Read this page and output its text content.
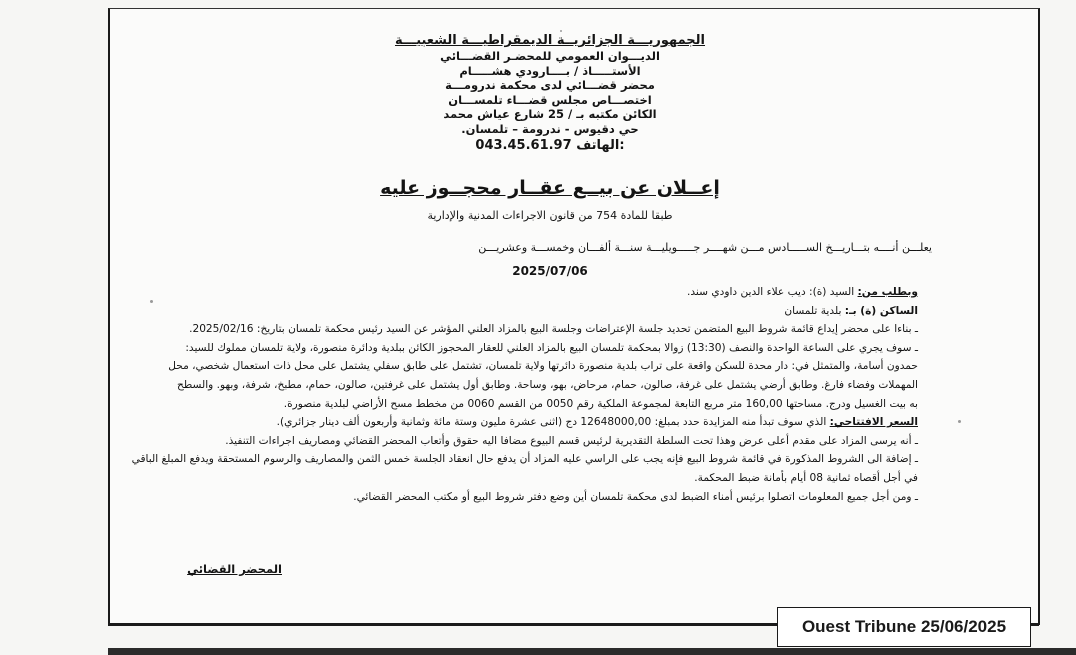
الجمهوريـــة الجزائريــة الديمقراطيـــة الشعبيـــة
الديـــوان العمومي للمحضـر القضـــائي
الأستـــــاذ / بــــارودي هشـــــام
محضر قضـــائي لدى محكمة ندرومـــة
اختصـــاص مجلس قضـــاء تلمســـان
الكائن مكتبه بـ / 25 شارع عياش محمد
حي دقيوس - ندرومة – تلمسان.
043.45.61.97 الهاتف:
إعــلان عن بيــع عقــار محجــوز عليه
طبقا للمادة 754 من قانون الاجراءات المدنية والإدارية
يعلـــن أنــــه بتـــاريـــخ الســـــادس مـــن شهــــر جـــــويليـــة سنـــة ألفـــان وخمســـة وعشريـــن
2025/07/06

وبطلب من: السيد (ة): ديب علاء الدين داودي سند.

الساكن (ة) بـ: بلدية تلمسان

ـ بناءا على محضر إيداع قائمة شروط البيع المتضمن تحديد جلسة الإعتراضات وجلسة البيع بالمزاد العلني المؤشر عن السيد رئيس محكمة تلمسان بتاريخ: 2025/02/16.

ـ سوف يجري على الساعة الواحدة والنصف (13:30) زوالا بمحكمة تلمسان البيع بالمزاد العلني للعقار المحجوز الكائن ببلدية ودائرة منصورة، ولاية تلمسان مملوك للسيد:

حمدون أسامة، والمتمثل في: دار محدة للسكن واقعة على تراب بلدية منصورة دائرتها ولاية تلمسان، تشتمل على طابق سفلي يشتمل على محل ذات استعمال شخصي، محل

المهملات وفضاء فارغ. وطابق أرضي يشتمل على غرفة، صالون، حمام، مرحاض، بهو، وساحة. وطابق أول يشتمل على غرفتين، صالون، حمام، مطبخ، شرفة، وبهو. والسطح

به بيت الغسيل ودرج. مساحتها 160,00 متر مربع التابعة لمجموعة الملكية رقم 0050 من القسم 0060 من مخطط مسح الأراضي لبلدية منصورة.

السعر الافتتاحي: الذي سوف تبدأ منه المزايدة حدد بمبلغ: 12648000,00 دج (اثنى عشرة مليون وستة مائة وثمانية وأربعون ألف دينار جزائري).

ـ أنه يرسى المزاد على مقدم أعلى عرض وهذا تحت السلطة التقديرية لرئيس قسم البيوع مضافا اليه حقوق وأتعاب المحضر القضائي ومصاريف اجراءات التنفيذ.

ـ إضافة الى الشروط المذكورة في قائمة شروط البيع فإنه يجب على الراسي عليه المزاد أن يدفع حال انعقاد الجلسة خمس الثمن والمصاريف والرسوم المستحقة ويدفع المبلغ الباقي

في أجل أقصاه ثمانية 08 أيام بأمانة ضبط المحكمة.

ـ ومن أجل جميع المعلومات اتصلوا برئيس أمناء الضبط لدى محكمة تلمسان أين وضع دفتر شروط البيع أو مكتب المحضر القضائي.

المحضر القضائي
Ouest Tribune 25/06/2025
